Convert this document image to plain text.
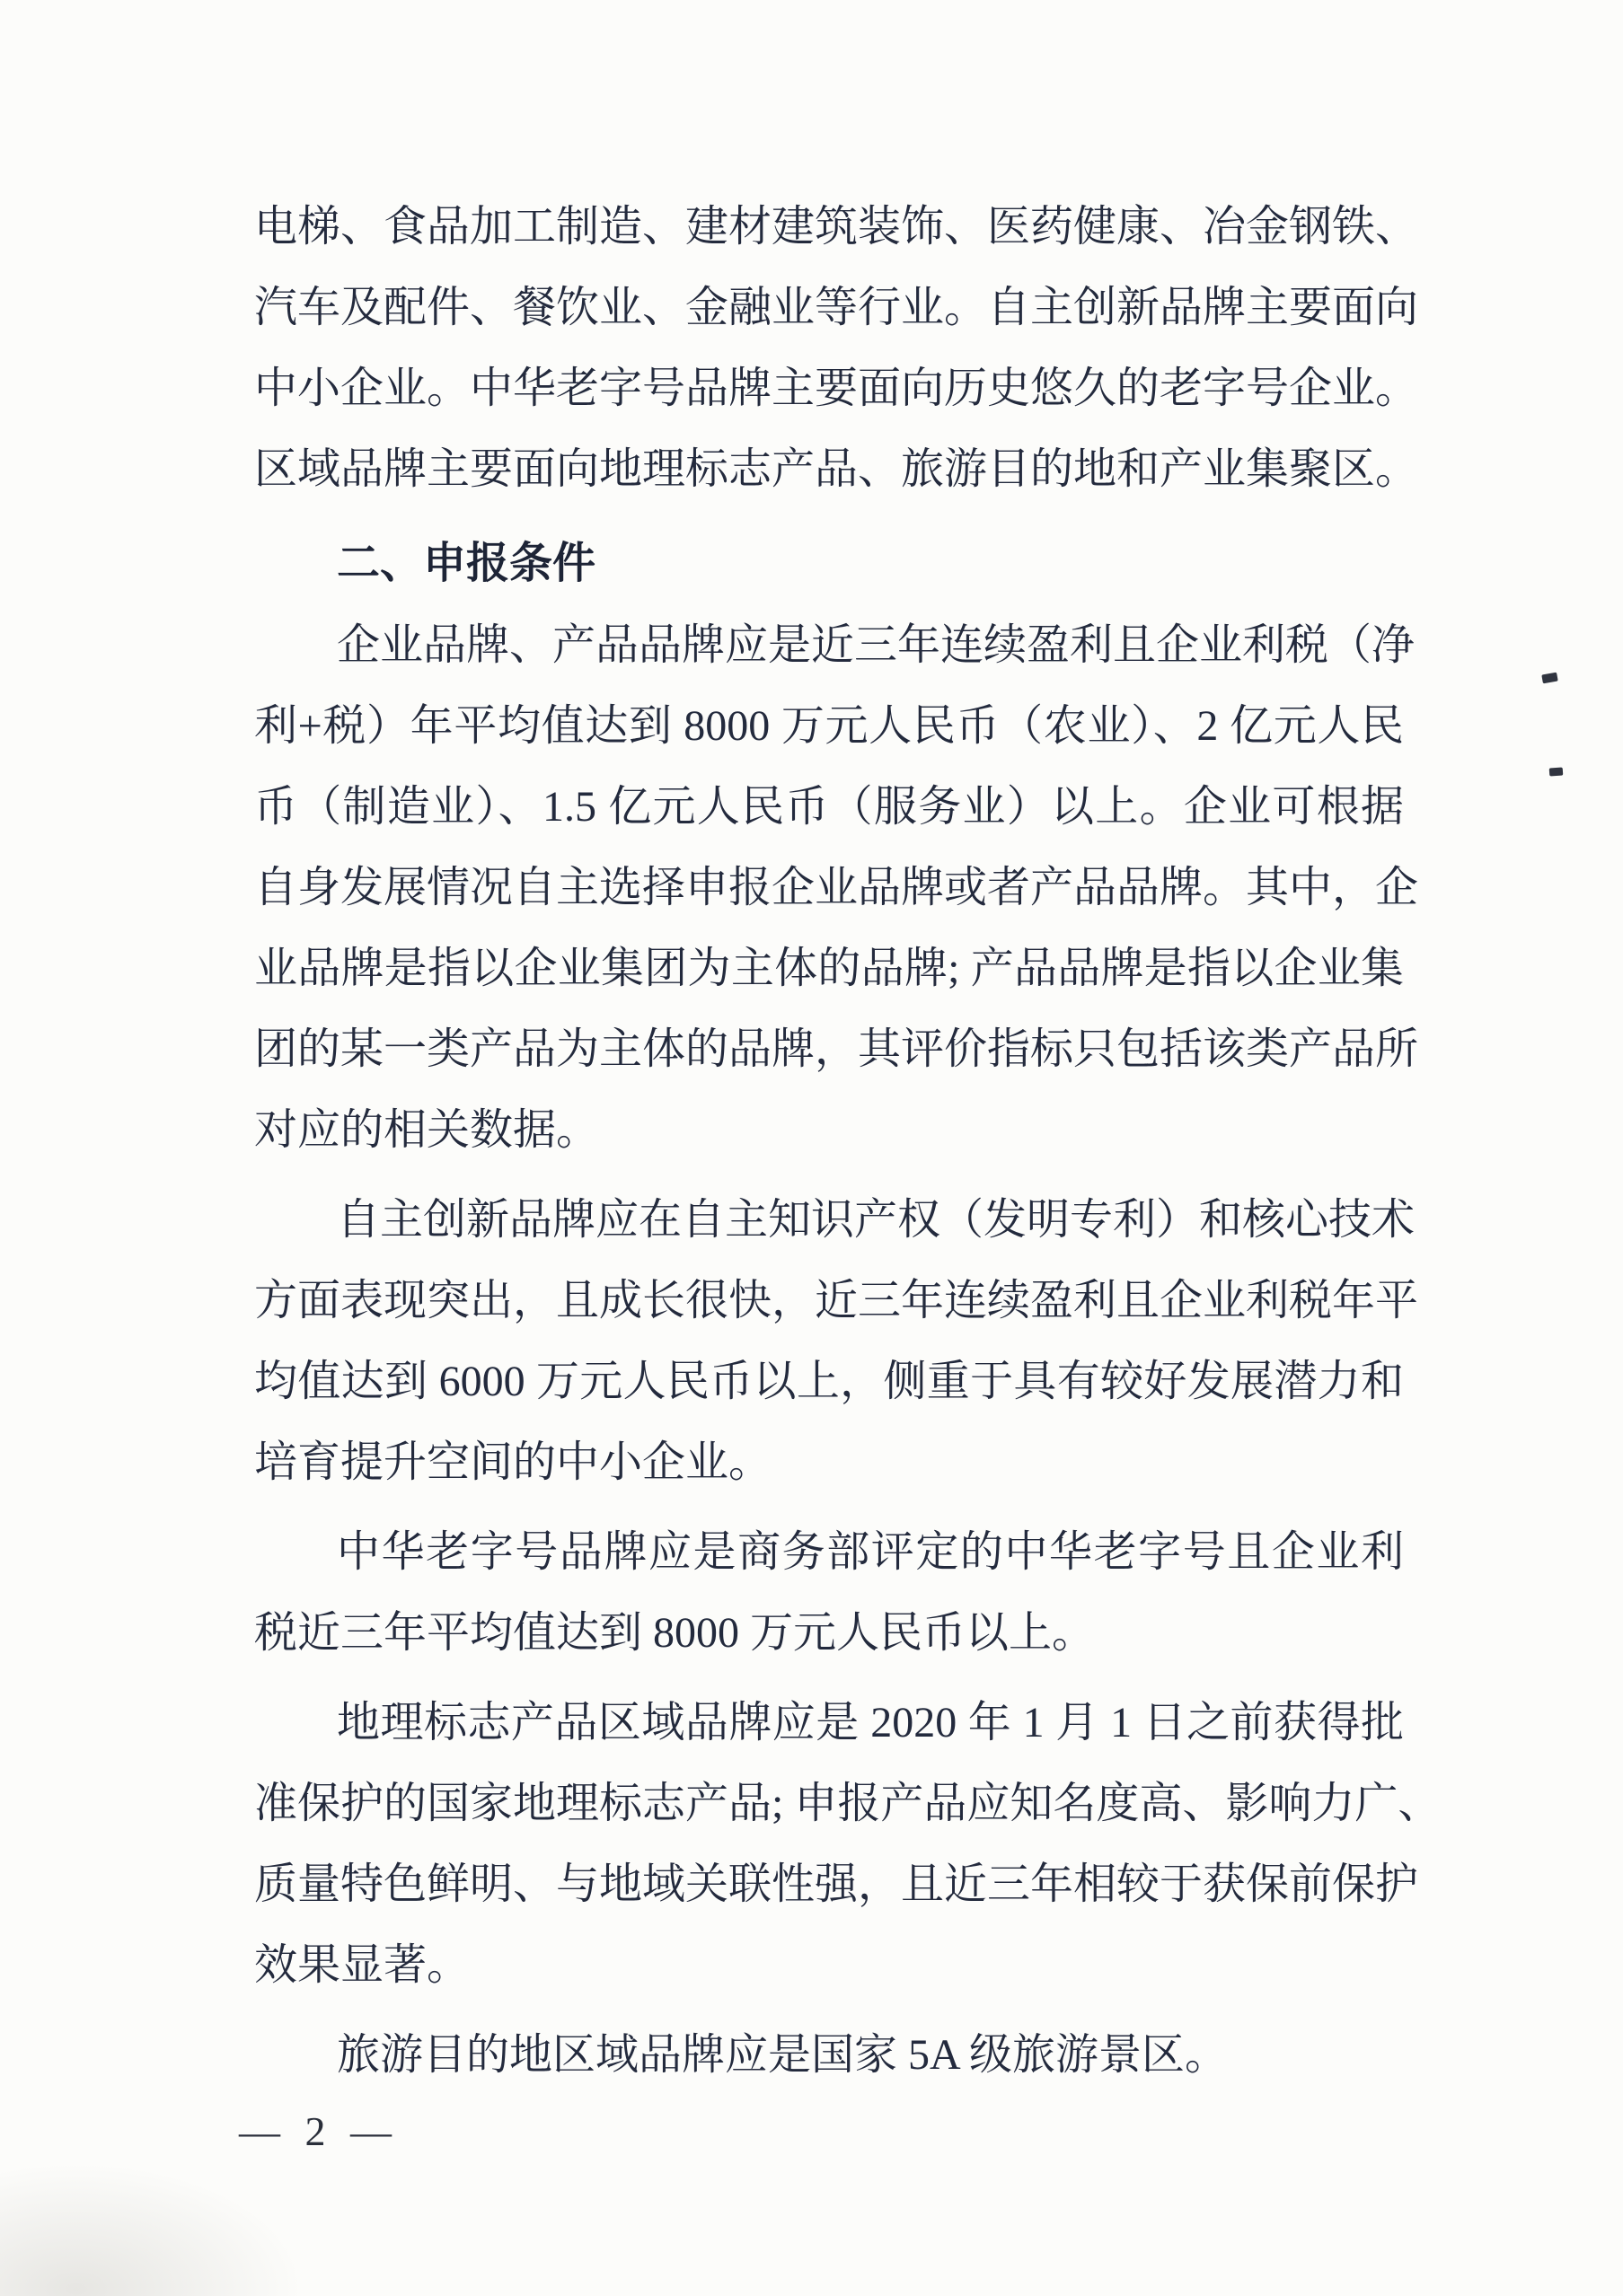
电梯、食品加工制造、建材建筑装饰、医药健康、冶金钢铁、

汽车及配件、餐饮业、金融业等行业。自主创新品牌主要面向

中小企业。中华老字号品牌主要面向历史悠久的老字号企业。

区域品牌主要面向地理标志产品、旅游目的地和产业集聚区。

二、申报条件

企业品牌、产品品牌应是近三年连续盈利且企业利税（净

利+税）年平均值达到 8000 万元人民币（农业）、2 亿元人民

币（制造业）、1.5 亿元人民币（服务业）以上。企业可根据

自身发展情况自主选择申报企业品牌或者产品品牌。其中，企

业品牌是指以企业集团为主体的品牌; 产品品牌是指以企业集

团的某一类产品为主体的品牌，其评价指标只包括该类产品所

对应的相关数据。

自主创新品牌应在自主知识产权（发明专利）和核心技术

方面表现突出，且成长很快，近三年连续盈利且企业利税年平

均值达到 6000 万元人民币以上，侧重于具有较好发展潜力和

培育提升空间的中小企业。

中华老字号品牌应是商务部评定的中华老字号且企业利

税近三年平均值达到 8000 万元人民币以上。

地理标志产品区域品牌应是 2020 年 1 月 1 日之前获得批

准保护的国家地理标志产品; 申报产品应知名度高、影响力广、

质量特色鲜明、与地域关联性强，且近三年相较于获保前保护

效果显著。

旅游目的地区域品牌应是国家 5A 级旅游景区。

— 2 —
